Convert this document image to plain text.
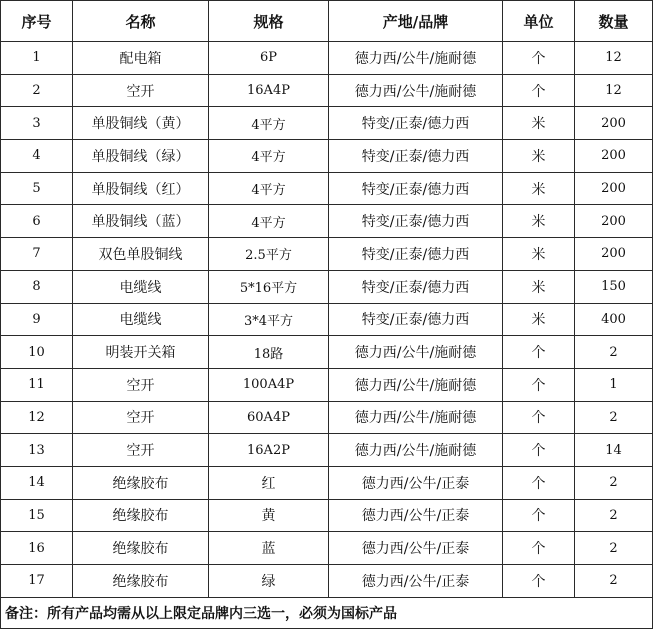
序号	名称	规格	产地/品牌	单位	数量
1	配电箱	6P	德力西/公牛/施耐德	个	12
2	空开	16A4P	德力西/公牛/施耐德	个	12
3	单股铜线（黄）	4平方	特变/正泰/德力西	米	200
4	单股铜线（绿）	4平方	特变/正泰/德力西	米	200
5	单股铜线（红）	4平方	特变/正泰/德力西	米	200
6	单股铜线（蓝）	4平方	特变/正泰/德力西	米	200
7	双色单股铜线	2.5平方	特变/正泰/德力西	米	200
8	电缆线	5*16平方	特变/正泰/德力西	米	150
9	电缆线	3*4平方	特变/正泰/德力西	米	400
10	明装开关箱	18路	德力西/公牛/施耐德	个	2
11	空开	100A4P	德力西/公牛/施耐德	个	1
12	空开	60A4P	德力西/公牛/施耐德	个	2
13	空开	16A2P	德力西/公牛/施耐德	个	14
14	绝缘胶布	红	德力西/公牛/正泰	个	2
15	绝缘胶布	黄	德力西/公牛/正泰	个	2
16	绝缘胶布	蓝	德力西/公牛/正泰	个	2
17	绝缘胶布	绿	德力西/公牛/正泰	个	2
备注：所有产品均需从以上限定品牌内三选一，必须为国标产品					
